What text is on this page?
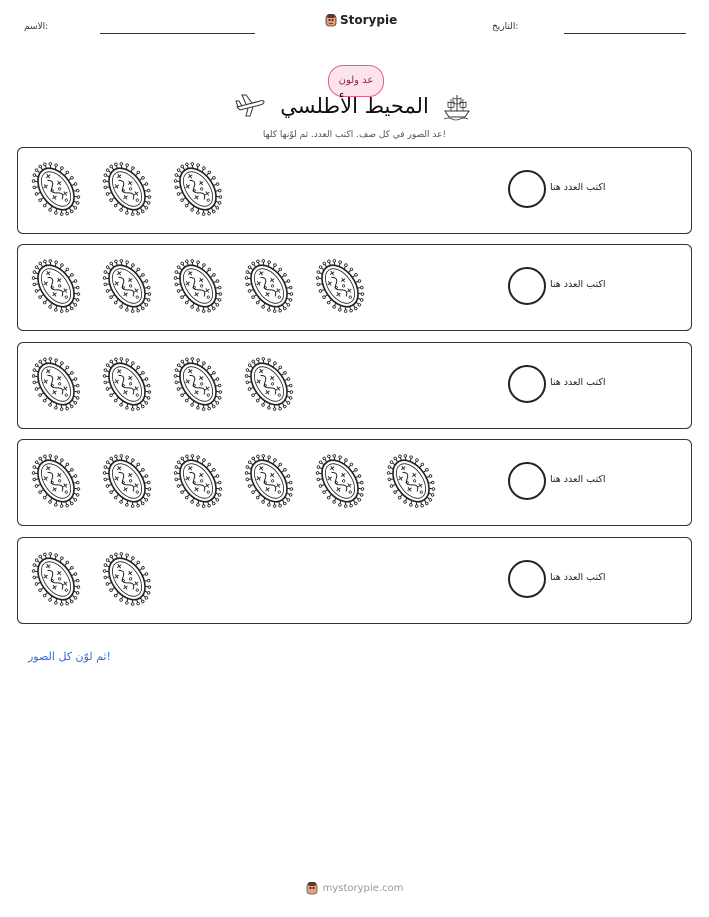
الاسم:	Storypie	التاريخ:
عد ولون
المحيط الأطلسي
عد الصور في كل صف. اكتب العدد. ثم لوّنها كلها!
اكتب العدد هنا
اكتب العدد هنا
اكتب العدد هنا
اكتب العدد هنا
اكتب العدد هنا
ثم لوّن كل الصور!
mystorypie.com
